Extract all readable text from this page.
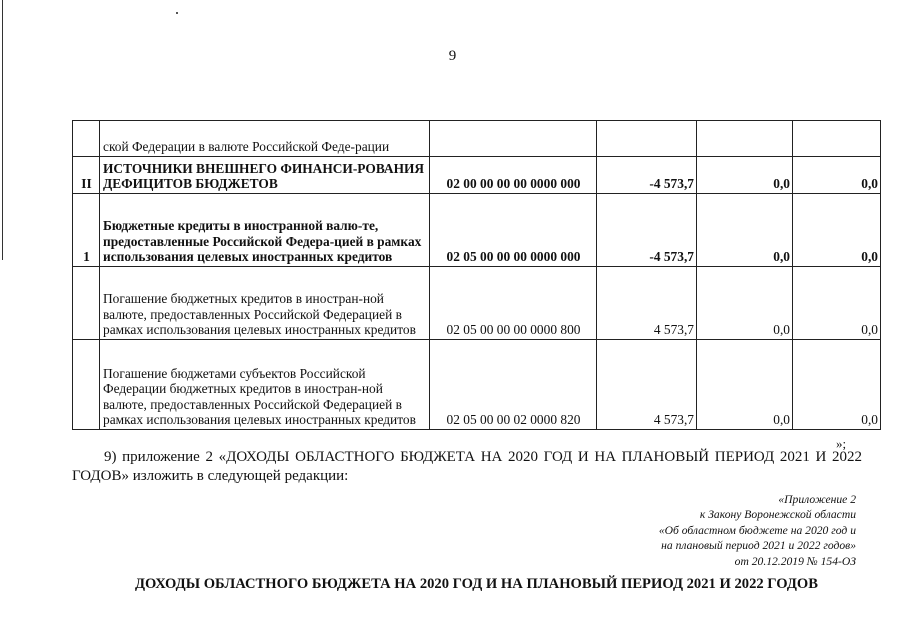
9
	ской Федерации в валюте Российской Феде-рации				
II	ИСТОЧНИКИ ВНЕШНЕГО ФИНАНСИ-РОВАНИЯ ДЕФИЦИТОВ БЮДЖЕТОВ	02 00 00 00 00 0000 000	-4 573,7	0,0	0,0
1	Бюджетные кредиты в иностранной валю-те, предоставленные Российской Федера-цией в рамках использования целевых иностранных кредитов	02 05 00 00 00 0000 000	-4 573,7	0,0	0,0
	Погашение бюджетных кредитов в иностран-ной валюте, предоставленных Российской Федерацией в рамках использования целевых иностранных кредитов	02 05 00 00 00 0000 800	4 573,7	0,0	0,0
	Погашение бюджетами субъектов Российской Федерации бюджетных кредитов в иностран-ной валюте, предоставленных Российской Федерацией в рамках использования целевых иностранных кредитов	02 05 00 00 02 0000 820	4 573,7	0,0	0,0
»;
9) приложение 2 «ДОХОДЫ ОБЛАСТНОГО БЮДЖЕТА НА 2020 ГОД И НА ПЛАНОВЫЙ ПЕРИОД 2021 И 2022 ГОДОВ» изложить в следующей редакции:
«Приложение 2
к Закону Воронежской области
«Об областном бюджете на 2020 год и
на плановый период 2021 и 2022 годов»
от 20.12.2019 № 154-ОЗ
ДОХОДЫ ОБЛАСТНОГО БЮДЖЕТА НА 2020 ГОД И НА ПЛАНОВЫЙ ПЕРИОД 2021 И 2022 ГОДОВ
